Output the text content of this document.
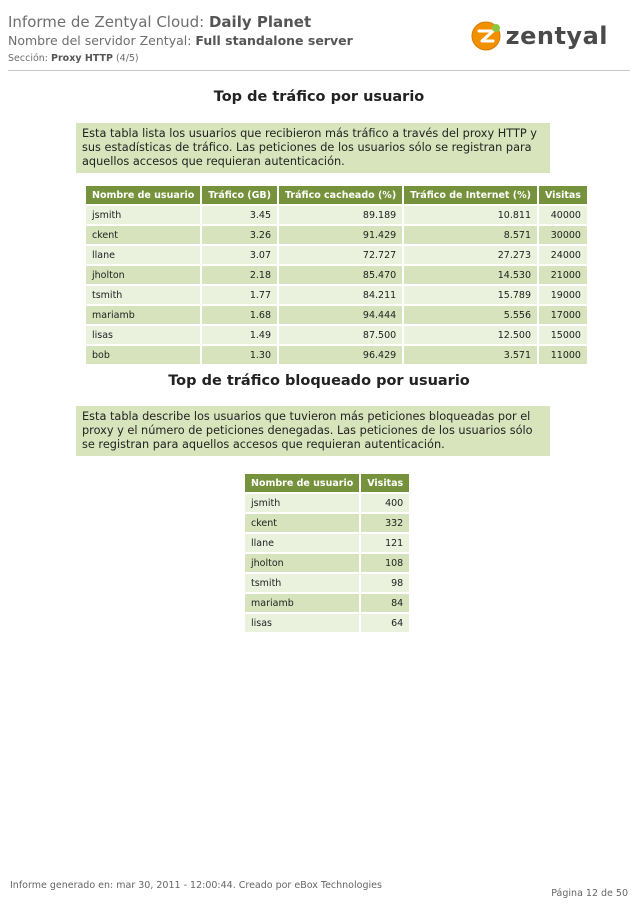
Informe de Zentyal Cloud: Daily Planet
Nombre del servidor Zentyal: Full standalone server
Sección: Proxy HTTP (4/5)
zentyal
Top de tráfico por usuario
Esta tabla lista los usuarios que recibieron más tráfico a través del proxy HTTP y sus estadísticas de tráfico. Las peticiones de los usuarios sólo se registran para aquellos accesos que requieran autenticación.
Nombre de usuario	Tráfico (GB)	Tráfico cacheado (%)	Tráfico de Internet (%)	Visitas
jsmith	3.45	89.189	10.811	40000
ckent	3.26	91.429	8.571	30000
llane	3.07	72.727	27.273	24000
jholton	2.18	85.470	14.530	21000
tsmith	1.77	84.211	15.789	19000
mariamb	1.68	94.444	5.556	17000
lisas	1.49	87.500	12.500	15000
bob	1.30	96.429	3.571	11000
Top de tráfico bloqueado por usuario
Esta tabla describe los usuarios que tuvieron más peticiones bloqueadas por el proxy y el número de peticiones denegadas. Las peticiones de los usuarios sólo se registran para aquellos accesos que requieran autenticación.
Nombre de usuario	Visitas
jsmith	400
ckent	332
llane	121
jholton	108
tsmith	98
mariamb	84
lisas	64
Informe generado en: mar 30, 2011 - 12:00:44. Creado por eBox Technologies
Página 12 de 50
